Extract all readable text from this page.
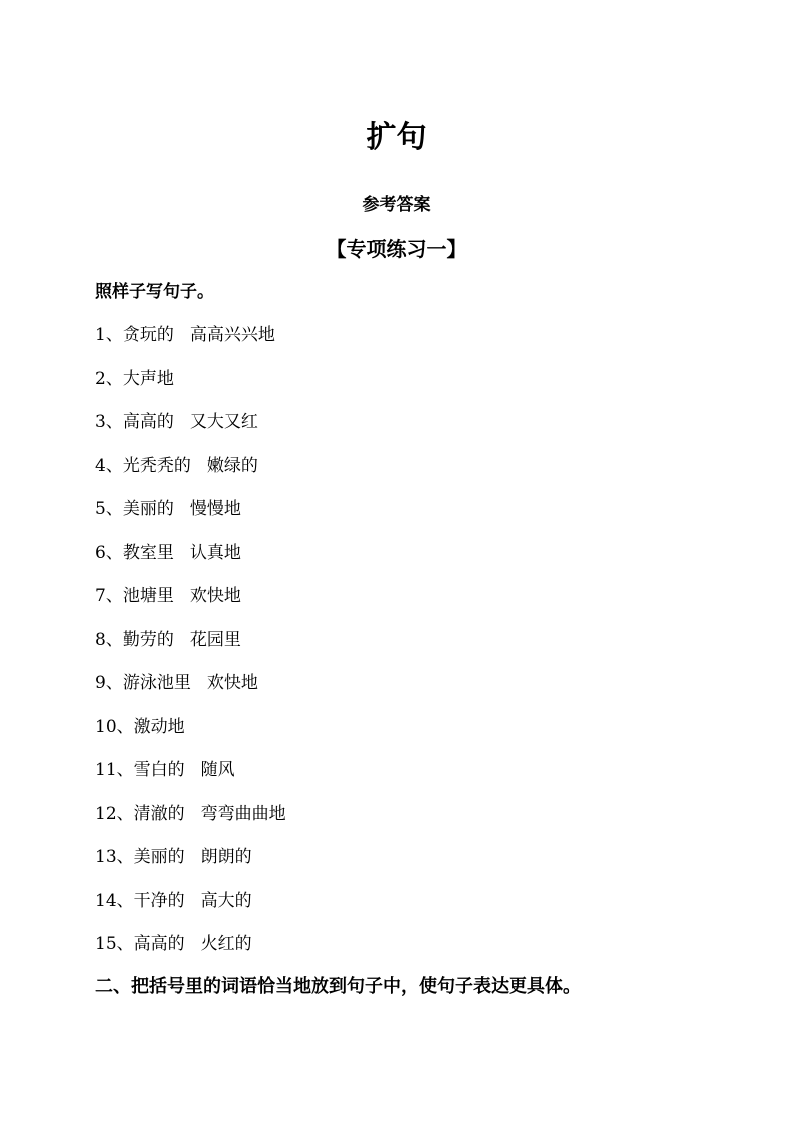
扩句
参考答案
【专项练习一】
照样子写句子。
1、贪玩的 高高兴兴地
2、大声地
3、高高的 又大又红
4、光秃秃的 嫩绿的
5、美丽的 慢慢地
6、教室里 认真地
7、池塘里 欢快地
8、勤劳的 花园里
9、游泳池里 欢快地
10、激动地
11、雪白的 随风
12、清澈的 弯弯曲曲地
13、美丽的 朗朗的
14、干净的 高大的
15、高高的 火红的
二、把括号里的词语恰当地放到句子中，使句子表达更具体。
